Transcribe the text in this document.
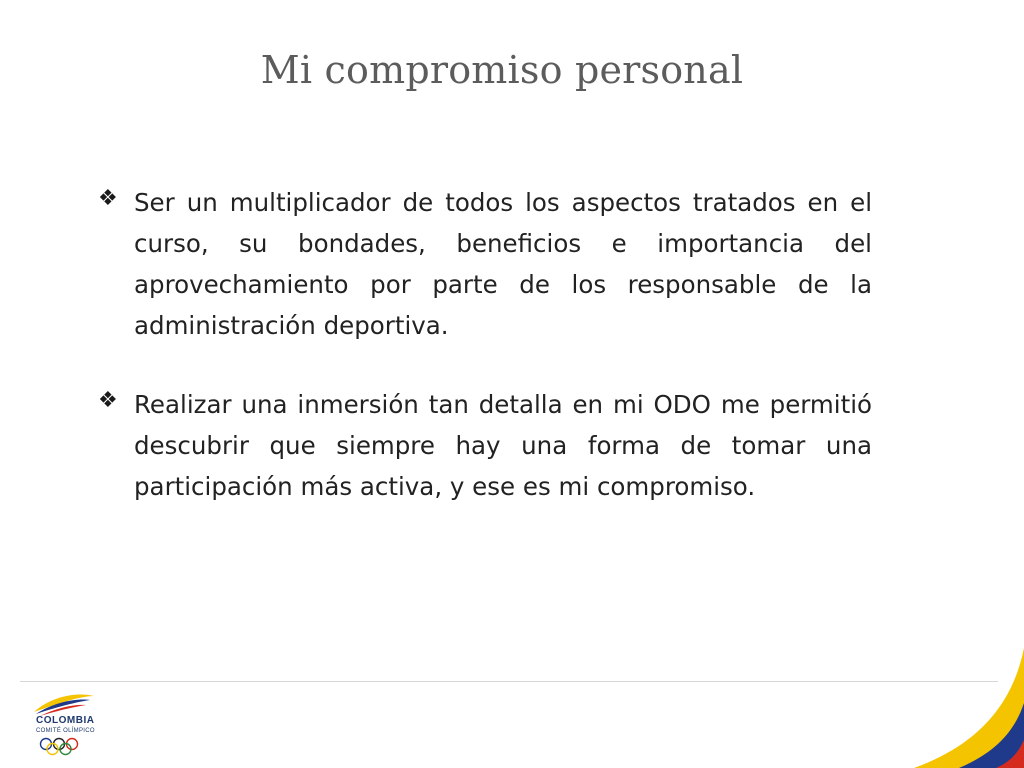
Mi compromiso personal
❖ Ser un multiplicador de todos los aspectos tratados en el curso, su bondades, beneficios e importancia del aprovechamiento por parte de los responsable de la administración deportiva.
❖ Realizar una inmersión tan detalla en mi ODO me permitió descubrir que siempre hay una forma de tomar una participación más activa, y ese es mi compromiso.
COLOMBIA
COMITÉ OLÍMPICO
